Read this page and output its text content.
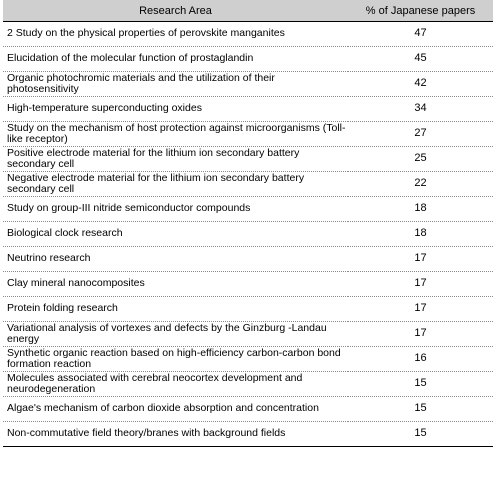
Research Area	% of Japanese papers
2 Study on the physical properties of perovskite manganites	47
Elucidation of the molecular function of prostaglandin	45
Organic photochromic materials and the utilization of their photosensitivity	42
High-temperature superconducting oxides	34
Study on the mechanism of host protection against microorganisms (Toll-like receptor)	27
Positive electrode material for the lithium ion secondary battery secondary cell	25
Negative electrode material for the lithium ion secondary battery secondary cell	22
Study on group-III nitride semiconductor compounds	18
Biological clock research	18
Neutrino research	17
Clay mineral nanocomposites	17
Protein folding research	17
Variational analysis of vortexes and defects by the Ginzburg -Landau energy	17
Synthetic organic reaction based on high-efficiency carbon-carbon bond formation reaction	16
Molecules associated with cerebral neocortex development and neurodegeneration	15
Algae's mechanism of carbon dioxide absorption and concentration	15
Non-commutative field theory/branes with background fields	15
